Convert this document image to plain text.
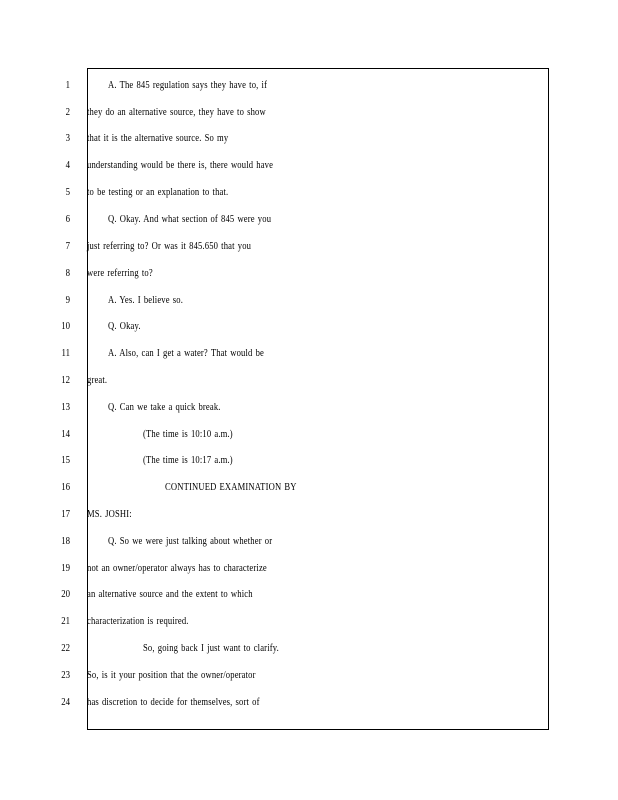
1	A. The 845 regulation says they have to, if
2 they do an alternative source, they have to show
3 that it is the alternative source. So my
4 understanding would be there is, there would have
5 to be testing or an explanation to that.
6	Q. Okay. And what section of 845 were you
7 just referring to? Or was it 845.650 that you
8 were referring to?
9	A. Yes. I believe so.
10	Q. Okay.
11	A. Also, can I get a water? That would be
12 great.
13	Q. Can we take a quick break.
14	(The time is 10:10 a.m.)
15	(The time is 10:17 a.m.)
16	CONTINUED EXAMINATION BY
17 MS. JOSHI:
18	Q. So we were just talking about whether or
19 not an owner/operator always has to characterize
20 an alternative source and the extent to which
21 characterization is required.
22	So, going back I just want to clarify.
23 So, is it your position that the owner/operator
24 has discretion to decide for themselves, sort of
